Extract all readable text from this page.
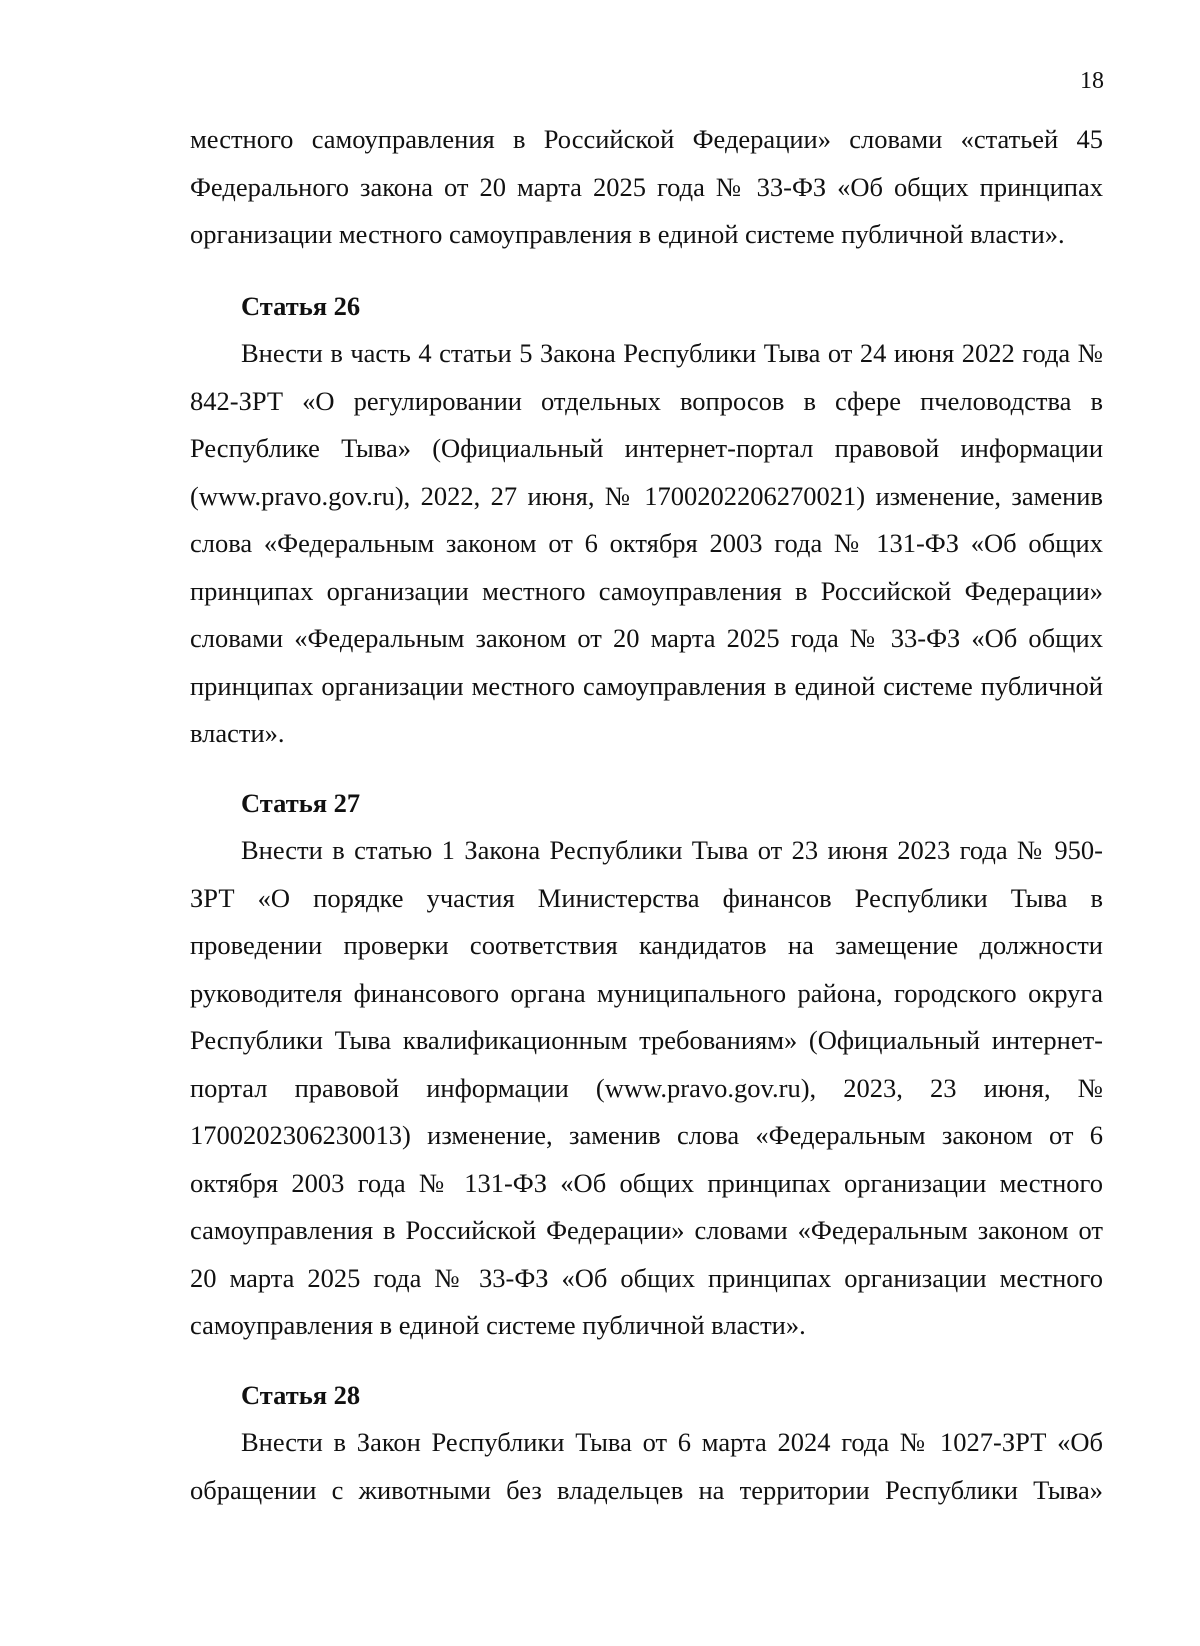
18

местного самоуправления в Российской Федерации» словами «статьей 45 Федерального закона от 20 марта 2025 года № 33-ФЗ «Об общих принципах организации местного самоуправления в единой системе публичной власти».

Статья 26

Внести в часть 4 статьи 5 Закона Республики Тыва от 24 июня 2022 года № 842-ЗРТ «О регулировании отдельных вопросов в сфере пчеловодства в Республике Тыва» (Официальный интернет-портал правовой информации (www.pravo.gov.ru), 2022, 27 июня, № 1700202206270021) изменение, заменив слова «Федеральным законом от 6 октября 2003 года № 131-ФЗ «Об общих принципах организации местного самоуправления в Российской Федерации» словами «Федеральным законом от 20 марта 2025 года № 33-ФЗ «Об общих принципах организации местного самоуправления в единой системе публичной власти».

Статья 27

Внести в статью 1 Закона Республики Тыва от 23 июня 2023 года № 950-ЗРТ «О порядке участия Министерства финансов Республики Тыва в проведении проверки соответствия кандидатов на замещение должности руководителя финансового органа муниципального района, городского округа Республики Тыва квалификационным требованиям» (Официальный интернет-портал правовой информации (www.pravo.gov.ru), 2023, 23 июня, № 1700202306230013) изменение, заменив слова «Федеральным законом от 6 октября 2003 года № 131-ФЗ «Об общих принципах организации местного самоуправления в Российской Федерации» словами «Федеральным законом от 20 марта 2025 года № 33-ФЗ «Об общих принципах организации местного самоуправления в единой системе публичной власти».

Статья 28

Внести в Закон Республики Тыва от 6 марта 2024 года № 1027-ЗРТ «Об обращении с животными без владельцев на территории Республики Тыва»
